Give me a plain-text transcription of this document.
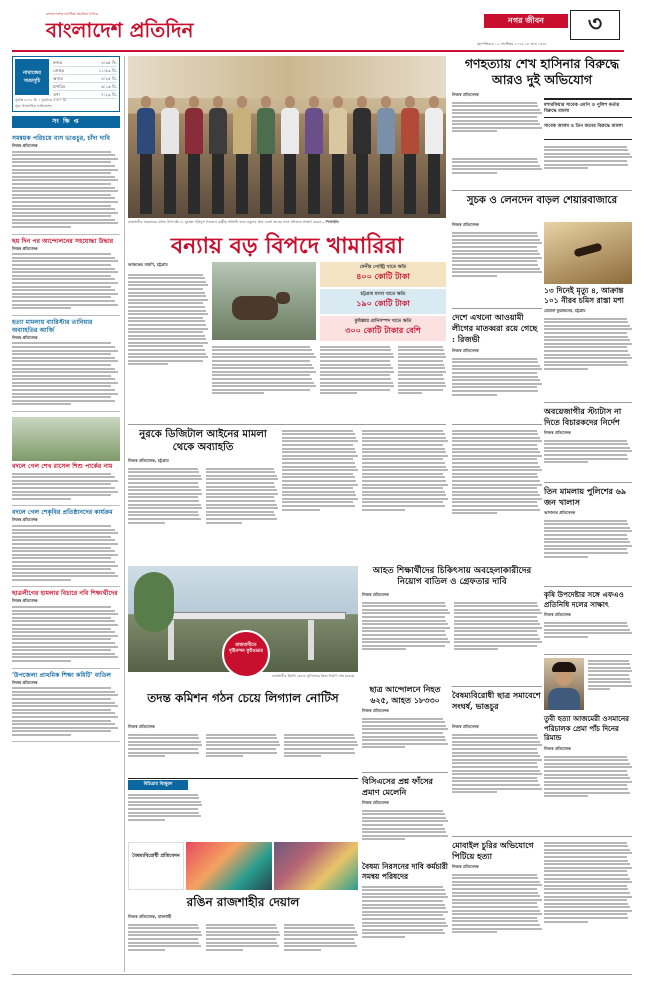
বাংলাদেশের সর্বাধিক প্রচারিত দৈনিক
বাংলাদেশ প্রতিদিন	নগর জীবন	৩
বৃহস্পতিবার ১২ সেপ্টেম্বর ২০২৪ ২৮ ভাদ্র ১৪৩১
নামাজের সময়সূচি
ফজর	৪:৩৫ মি.
জোহর	১১:৫৯ মি.
আসর	৪:২৫ মি.
মাগরিব	৬:১৬ মি.
এশা	৭:২৯ মি.
সূর্যাস্ত ৬:০৮ মি. । সূর্যোদয় ৫:৪০ মি.
সূত্র: ইসলামিক ফাউন্ডেশন
সং ক্ষি প্ত
সমন্বয়ক পরিচয়ে বাস ভাঙচুর, চাঁদা দাবি
নিজস্ব প্রতিবেদক
ছয় দিন পর আন্দোলনের সহযোদ্ধা উদ্ধার
নিজস্ব প্রতিবেদক
হত্যা মামলায় ব্যারিস্টার তানিয়ার অব্যাহতির আর্জি
নিজস্ব প্রতিবেদক
বদলে গেল শেখ রাসেল শিশু পার্কের নাম
বদলে গেল শেকৃবির প্রতিষ্ঠানদের কার্যক্রম
নিজস্ব প্রতিবেদক
ছাত্রলীগের হামলার বিচারে নবি শিক্ষার্থীদের
নিজস্ব প্রতিবেদক
'উপজেলা প্রাথমিক শিক্ষা কমিটি' বাতিল
নিজস্ব প্রতিবেদক
রাজধানীর সরকারের প্রধান উপদেষ্টা ড. মুহাম্মদ ইউনূস গতকাল রাষ্ট্রীয় অতিথি ভবন যমুনায় প্রায় একশ জনের সঙ্গে সৌজন্য সাক্ষাৎ করেন – পিআইডি
বন্যায় বড় বিপদে খামারিরা
আজকের সারণি, চট্টগ্রাম
ফেনীর পোল্ট্রি খাতে ক্ষতি
৪০০ কোটি টাকা
চট্টগ্রাম মৎস্য খাতে ক্ষতি
১৯০ কোটি টাকা
কুমিল্লায় প্রানিসম্পদ খাতে ক্ষতি
৩০০ কোটি টাকার বেশি
গণহত্যায় শেখ হাসিনার বিরুদ্ধে আরও দুই অভিযোগ
নিজস্ব প্রতিবেদক
মশারফিয়ার সাবেক এমপি ও পুলিশ কর্তার বিরুদ্ধে মামলা
সাবেক আলম ও তিন জনের বিরুদ্ধে মামলা
সুচক ও লেনদেন বাড়ল শেয়ারবাজারে
নিজস্ব প্রতিবেদক
১৩ দিনেই মৃত্যু ৪, আক্রান্ত ১০১ নীরব চমিস রাস্তা মশা
রোমানা ভুয়াজনের, চট্টগ্রাম
দেশে এখনো আওয়ামী লীগের মাতব্বরা রয়ে গেছে : রিজভী
নিজস্ব প্রতিবেদক
অবয়েজাগীর স্ট্যাটাস না দিতে বিচারকদের নির্দেশ
নিজস্ব প্রতিবেদক
তিন মামলায় পুলিশের ৬৯ জন খালাস
আদালত প্রতিবেদক
কৃষি উপদেষ্টার সঙ্গে এফএও প্রতিনিধি দলের সাক্ষাৎ
নিজস্ব প্রতিবেদক
আহত শিক্ষার্থীদের চিকিৎসায় অবহেলাকারীদের নিয়োগ বাতিল ও গ্রেফতার দাবি
নিজস্ব প্রতিবেদক
বৈষম্যবিরোধী ছাত্র সমাবেশে সংঘর্ষ, ভাঙচুর
নিজস্ব প্রতিবেদক
তুবী হত্যা আজমেরী ওসমানের পরিচালক প্রেমা পাঁচ দিনের রিমান্ড
নিজস্ব প্রতিবেদক
মোবাইল চুরির অভিযোগে পিটিয়ে হত্যা
নিজস্ব প্রতিবেদক
নুরকে ডিজিটাল আইনের মামলা থেকে অব্যাহতি
নিজস্ব প্রতিবেদক, চট্টগ্রাম
রাজধানীতে দৃষ্টিনন্দন ফুটওভার
রাজধানীর মিন্টো রোডে ফুটওভার ব্রিজ নির্মাণ শেষ হয়েছে
ছাত্র আন্দোলনে নিহত ৬২৫, আহত ১৮৩৩০
নিজস্ব প্রতিবেদক
তদন্ত কমিশন গঠন চেয়ে লিগ্যাল নোটিস
নিজস্ব প্রতিবেদক
বিসিএসের প্রশ্ন ফাঁসের প্রমাণ মেলেনি
নিজস্ব প্রতিবেদক
বৈষম্য নিরসনের দাবি কর্মচারী সমন্বয় পরিষদের
বিচিত্রায় বিচ্ছুরণ
বৈষম্যবিরোধী প্রতিবেদন
রঙিন রাজশাহীর দেয়াল
নিজস্ব প্রতিবেদক, রাজশাহী
